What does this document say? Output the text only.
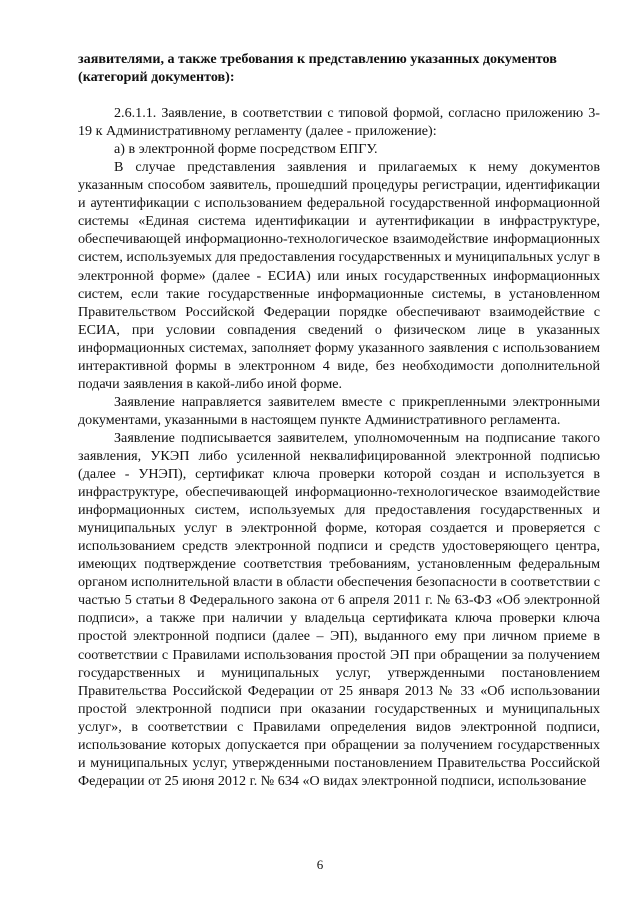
заявителями, а также требования к представлению указанных документов (категорий документов):

2.6.1.1. Заявление, в соответствии с типовой формой, согласно приложению 3-19 к Административному регламенту (далее - приложение):

а) в электронной форме посредством ЕПГУ.

В случае представления заявления и прилагаемых к нему документов указанным способом заявитель, прошедший процедуры регистрации, идентификации и аутентификации с использованием федеральной государственной информационной системы «Единая система идентификации и аутентификации в инфраструктуре, обеспечивающей информационно-технологическое взаимодействие информационных систем, используемых для предоставления государственных и муниципальных услуг в электронной форме» (далее - ЕСИА) или иных государственных информационных систем, если такие государственные информационные системы, в установленном Правительством Российской Федерации порядке обеспечивают взаимодействие с ЕСИА, при условии совпадения сведений о физическом лице в указанных информационных системах, заполняет форму указанного заявления с использованием интерактивной формы в электронном 4 виде, без необходимости дополнительной подачи заявления в какой-либо иной форме.

Заявление направляется заявителем вместе с прикрепленными электронными документами, указанными в настоящем пункте Административного регламента.

Заявление подписывается заявителем, уполномоченным на подписание такого заявления, УКЭП либо усиленной неквалифицированной электронной подписью (далее - УНЭП), сертификат ключа проверки которой создан и используется в инфраструктуре, обеспечивающей информационно-технологическое взаимодействие информационных систем, используемых для предоставления государственных и муниципальных услуг в электронной форме, которая создается и проверяется с использованием средств электронной подписи и средств удостоверяющего центра, имеющих подтверждение соответствия требованиям, установленным федеральным органом исполнительной власти в области обеспечения безопасности в соответствии с частью 5 статьи 8 Федерального закона от 6 апреля 2011 г. № 63-ФЗ «Об электронной подписи», а также при наличии у владельца сертификата ключа проверки ключа простой электронной подписи (далее – ЭП), выданного ему при личном приеме в соответствии с Правилами использования простой ЭП при обращении за получением государственных и муниципальных услуг, утвержденными постановлением Правительства Российской Федерации от 25 января 2013 № 33 «Об использовании простой электронной подписи при оказании государственных и муниципальных услуг», в соответствии с Правилами определения видов электронной подписи, использование которых допускается при обращении за получением государственных и муниципальных услуг, утвержденными постановлением Правительства Российской Федерации от 25 июня 2012 г. № 634 «О видах электронной подписи, использование

6
